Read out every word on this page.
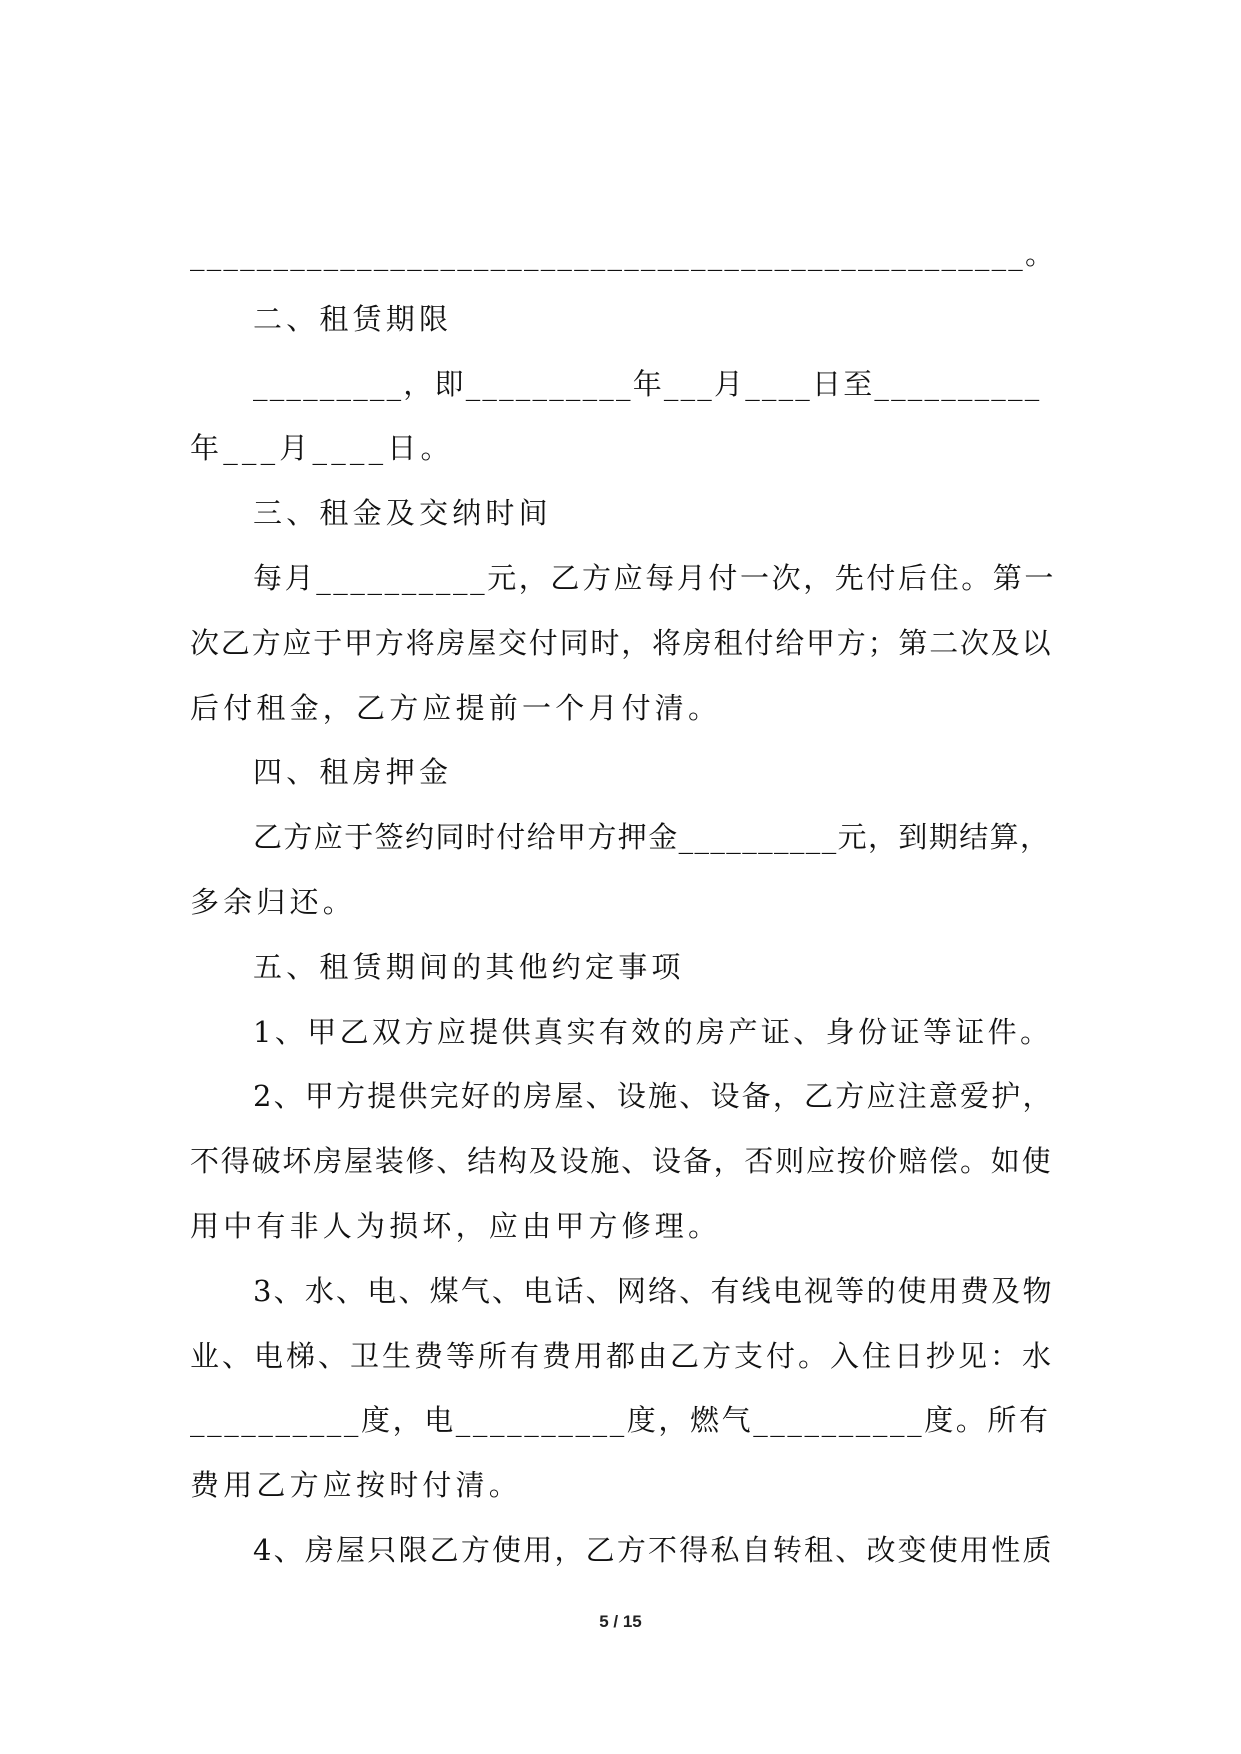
__________________________________________________。
二、租赁期限
_________，即__________年___月____日至__________
年___月____日。
三、租金及交纳时间
每月__________元，乙方应每月付一次，先付后住。第一
次乙方应于甲方将房屋交付同时，将房租付给甲方；第二次及以
后付租金，乙方应提前一个月付清。
四、租房押金
乙方应于签约同时付给甲方押金__________元，到期结算，
多余归还。
五、租赁期间的其他约定事项
1、甲乙双方应提供真实有效的房产证、身份证等证件。
2、甲方提供完好的房屋、设施、设备，乙方应注意爱护，
不得破坏房屋装修、结构及设施、设备，否则应按价赔偿。如使
用中有非人为损坏，应由甲方修理。
3、水、电、煤气、电话、网络、有线电视等的使用费及物
业、电梯、卫生费等所有费用都由乙方支付。入住日抄见：水
__________度，电__________度，燃气__________度。所有
费用乙方应按时付清。
4、房屋只限乙方使用，乙方不得私自转租、改变使用性质
5 / 15
